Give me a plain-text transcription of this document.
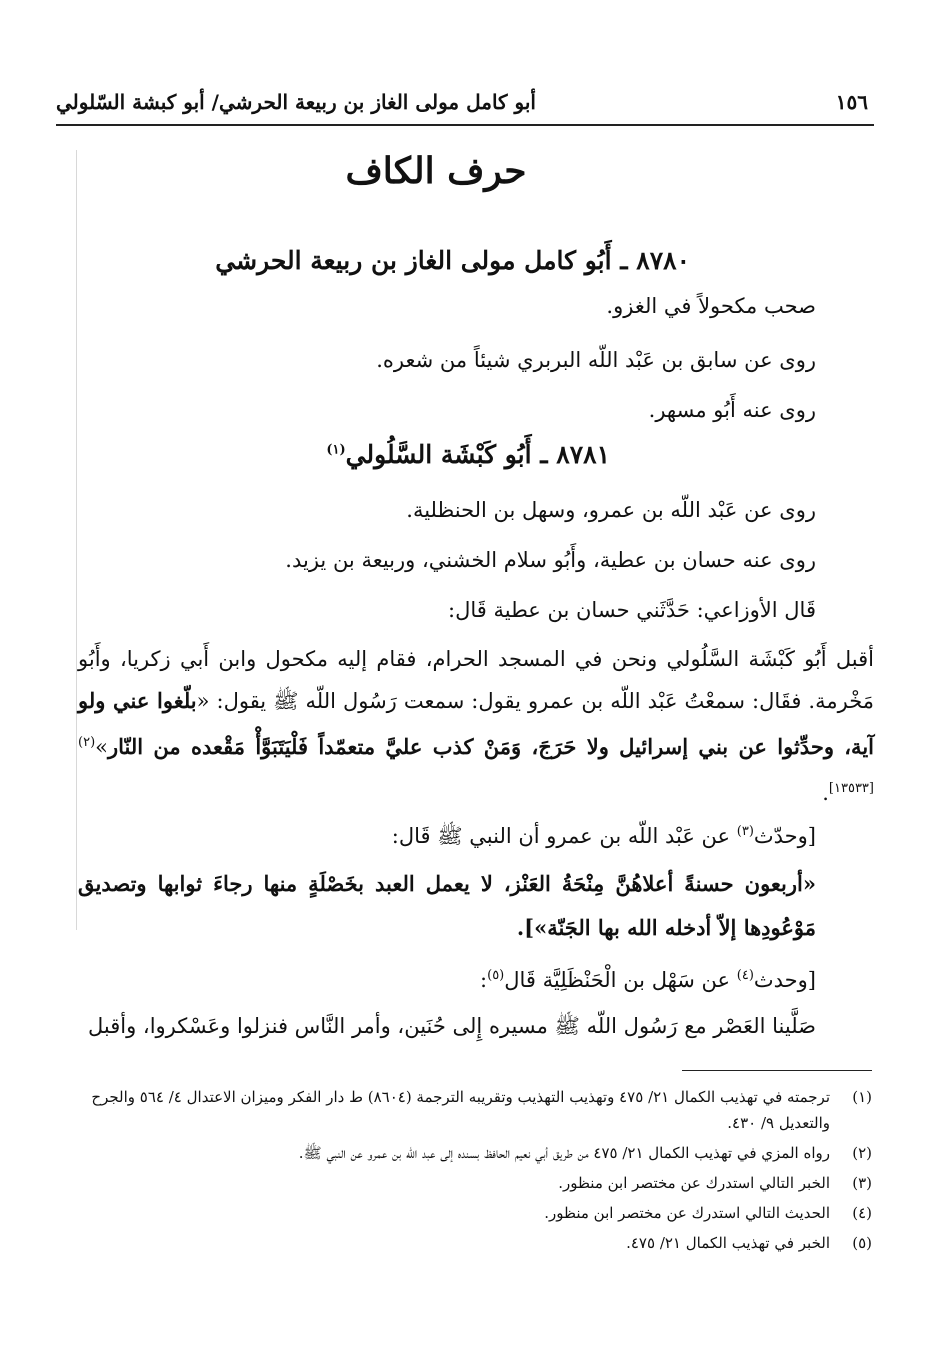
١٥٦
أبو كامل مولى الغاز بن ربيعة الحرشي/ أبو كبشة السّلولي
حرف الكاف
٨٧٨٠ ـ أَبُو كامل مولى الغاز بن ربيعة الحرشي
صحب مكحولاً في الغزو.
روى عن سابق بن عَبْد اللّه البربري شيئاً من شعره.
روى عنه أَبُو مسهر.
٨٧٨١ ـ أَبُو كَبْشَة السَّلُولي$^{(١)}$
روى عن عَبْد اللّه بن عمرو، وسهل بن الحنظلية.
روى عنه حسان بن عطية، وأَبُو سلام الخشني، وربيعة بن يزيد.
قَال الأوزاعي: حَدَّثَني حسان بن عطية قَال:
أقبل أَبُو كَبْشَة السَّلُولي ونحن في المسجد الحرام، فقام إليه مكحول وابن أَبي زكريا، وأَبُو مَخْرمة. فقَال: سمعْتُ عَبْد اللّه بن عمرو يقول: سمعت رَسُول اللّه ﷺ يقول: «بلّغوا عني ولو آية، وحدِّثوا عن بني إسرائيل ولا حَرَجَ، وَمَنْ كذب عليَّ متعمّداً فَلْيَتَبَوَّأْ مَقْعده من النّار»$^{(٢)[١٣٥٣٣]}$.
[وحدّث$^{(٣)}$ عن عَبْد اللّه بن عمرو أن النبي ﷺ قَال:
«أربعون حسنةً أعلاهُنَّ مِنْحَةُ العَنْز، لا يعمل العبد بخَصْلَةٍ منها رجاءَ ثوابها وتصديق مَوْعُودِها إلاّ أدخله الله بها الجَنّة»].
[وحدث$^{(٤)}$ عن سَهْل بن الْحَنْظَلِيَّة قَال$^{(٥)}$:
صَلَّينا العَصْر مع رَسُول اللّه ﷺ مسيره إِلى حُنَين، وأمر النَّاس فنزلوا وعَسْكروا، وأقبل
(١)
ترجمته في تهذيب الكمال ٢١/ ٤٧٥ وتهذيب التهذيب وتقريبه الترجمة (٨٦٠٤) ط دار الفكر وميزان الاعتدال ٤/ ٥٦٤ والجرح والتعديل ٩/ ٤٣٠.
(٢)
رواه المزي في تهذيب الكمال ٢١/ ٤٧٥ من طريق أبي نعيم الحافظ بسنده إلى عبد الله بن عمرو عن النبي ﷺ.
(٣)
الخبر التالي استدرك عن مختصر ابن منظور.
(٤)
الحديث التالي استدرك عن مختصر ابن منظور.
(٥)
الخبر في تهذيب الكمال ٢١/ ٤٧٥.
